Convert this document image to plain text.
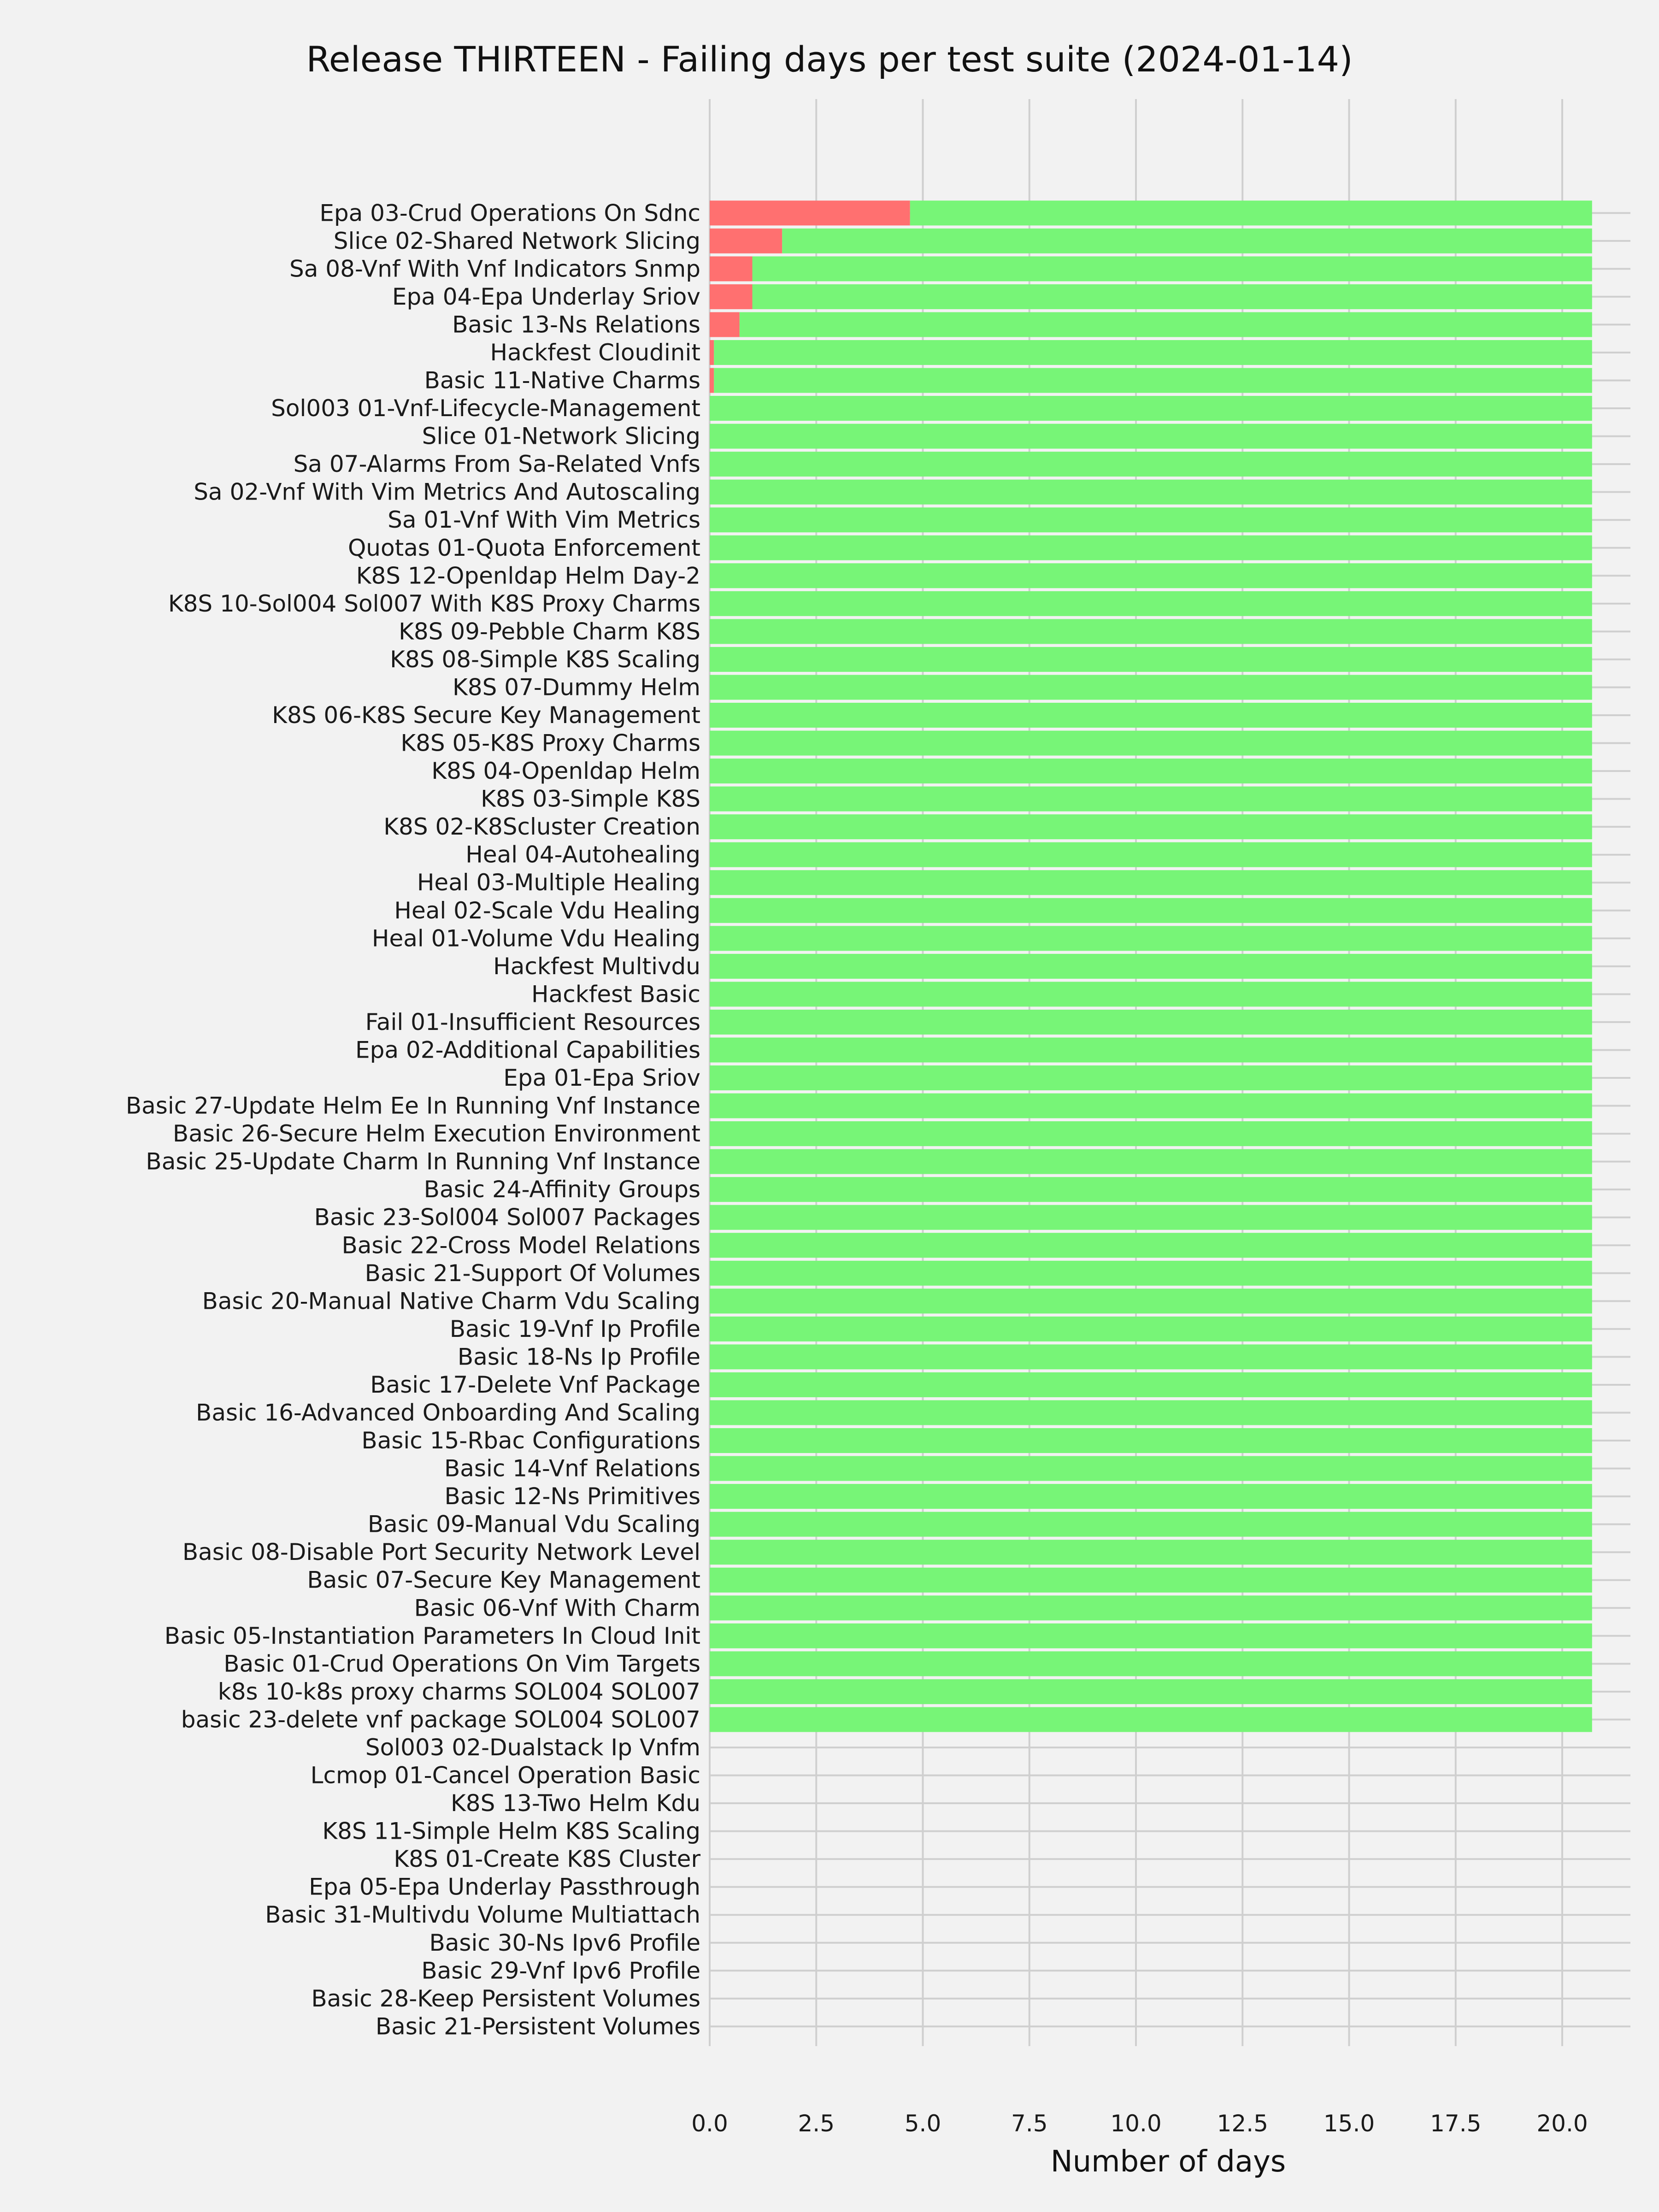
Epa 03-Crud Operations On Sdnc
Slice 02-Shared Network Slicing
Sa 08-Vnf With Vnf Indicators Snmp
Epa 04-Epa Underlay Sriov
Basic 13-Ns Relations
Hackfest Cloudinit
Basic 11-Native Charms
Sol003 01-Vnf-Lifecycle-Management
Slice 01-Network Slicing
Sa 07-Alarms From Sa-Related Vnfs
Sa 02-Vnf With Vim Metrics And Autoscaling
Sa 01-Vnf With Vim Metrics
Quotas 01-Quota Enforcement
K8S 12-Openldap Helm Day-2
K8S 10-Sol004 Sol007 With K8S Proxy Charms
K8S 09-Pebble Charm K8S
K8S 08-Simple K8S Scaling
K8S 07-Dummy Helm
K8S 06-K8S Secure Key Management
K8S 05-K8S Proxy Charms
K8S 04-Openldap Helm
K8S 03-Simple K8S
K8S 02-K8Scluster Creation
Heal 04-Autohealing
Heal 03-Multiple Healing
Heal 02-Scale Vdu Healing
Heal 01-Volume Vdu Healing
Hackfest Multivdu
Hackfest Basic
Fail 01-Insufficient Resources
Epa 02-Additional Capabilities
Epa 01-Epa Sriov
Basic 27-Update Helm Ee In Running Vnf Instance
Basic 26-Secure Helm Execution Environment
Basic 25-Update Charm In Running Vnf Instance
Basic 24-Affinity Groups
Basic 23-Sol004 Sol007 Packages
Basic 22-Cross Model Relations
Basic 21-Support Of Volumes
Basic 20-Manual Native Charm Vdu Scaling
Basic 19-Vnf Ip Profile
Basic 18-Ns Ip Profile
Basic 17-Delete Vnf Package
Basic 16-Advanced Onboarding And Scaling
Basic 15-Rbac Configurations
Basic 14-Vnf Relations
Basic 12-Ns Primitives
Basic 09-Manual Vdu Scaling
Basic 08-Disable Port Security Network Level
Basic 07-Secure Key Management
Basic 06-Vnf With Charm
Basic 05-Instantiation Parameters In Cloud Init
Basic 01-Crud Operations On Vim Targets
k8s 10-k8s proxy charms SOL004 SOL007
basic 23-delete vnf package SOL004 SOL007
Sol003 02-Dualstack Ip Vnfm
Lcmop 01-Cancel Operation Basic
K8S 13-Two Helm Kdu
K8S 11-Simple Helm K8S Scaling
K8S 01-Create K8S Cluster
Epa 05-Epa Underlay Passthrough
Basic 31-Multivdu Volume Multiattach
Basic 30-Ns Ipv6 Profile
Basic 29-Vnf Ipv6 Profile
Basic 28-Keep Persistent Volumes
Basic 21-Persistent Volumes
0.0	2.5	5.0	7.5	10.0 12.5 15.0 17.5 20.0
Release THIRTEEN - Failing days per test suite (2024-01-14)
Number of days
